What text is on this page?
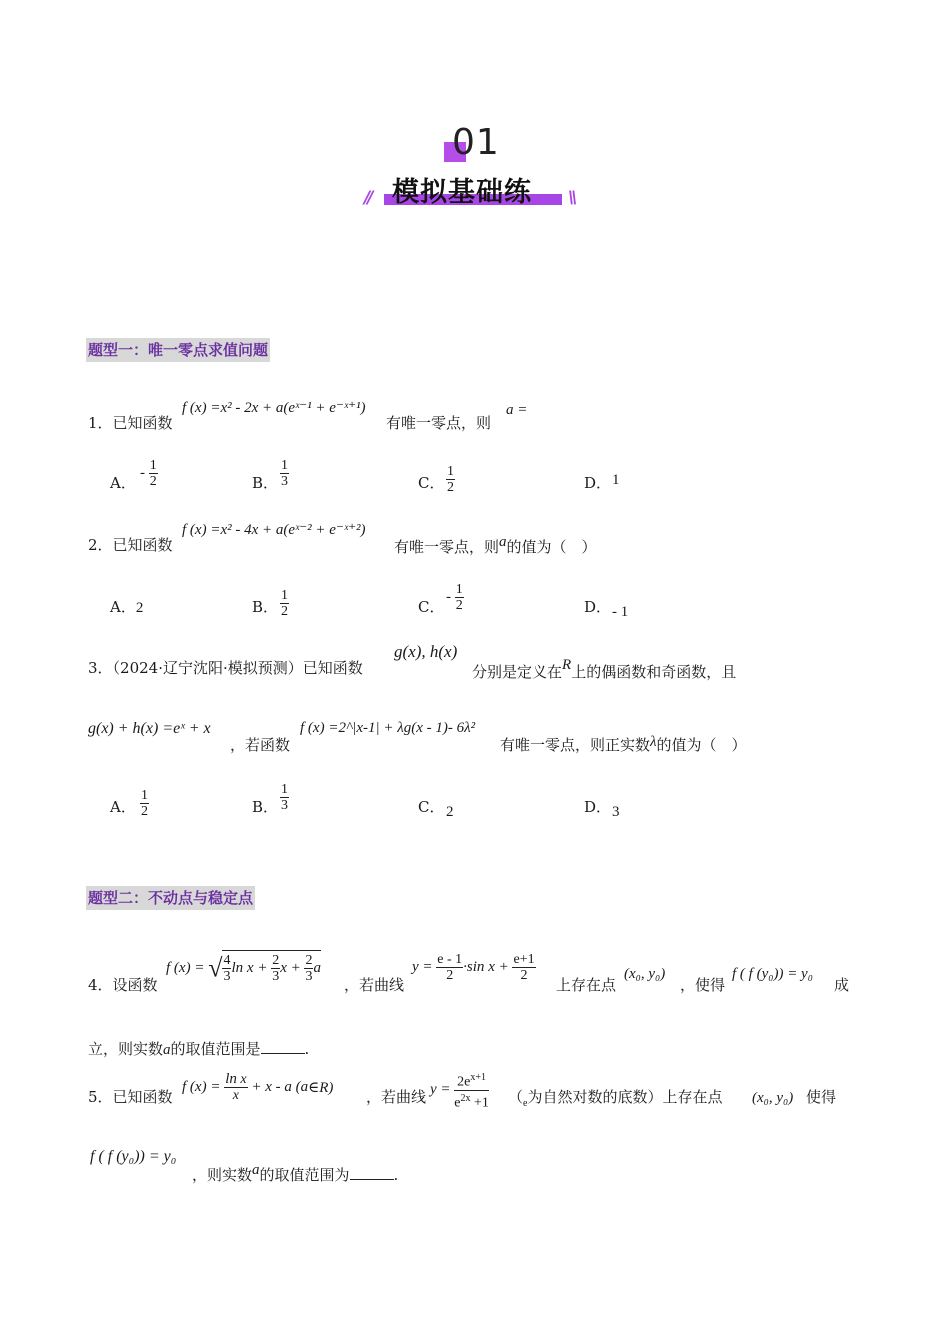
01
// 模拟基础练 \\
题型一：唯一零点求值问题
1．已知函数
f (x) =x² - 2x + a(eˣ⁻¹ + e⁻ˣ⁺¹)
有唯一零点，则
a =
A．
- $\frac{1}{2}$	B． $\frac{1}{3}$	C． $\frac{1}{2}$	D． 1
2．已知函数
f (x) =x² - 4x + a(eˣ⁻² + e⁻ˣ⁺²)
有唯一零点，则a的值为（　）
A．2	B． $\frac{1}{2}$	C．
- $\frac{1}{2}$	D． - 1
3．（2024·辽宁沈阳·模拟预测）已知函数
g(x), h(x)
分别是定义在R上的偶函数和奇函数，且
g(x) + h(x) =eˣ + x
，若函数
f (x) =2^|x-1| + λg(x - 1)- 6λ²
有唯一零点，则正实数λ的值为（　）
A． $\frac{1}{2}$	B． $\frac{1}{3}$	C． 2	D． 3
题型二：不动点与稳定点
4．设函数
f (x) = √ $\frac{4}{3}$ $\ln x + \frac{2}{3}$ $x + \frac{2}{3}$ a
，若曲线
$y = \frac{e - 1}{2} \cdot\sin$ $x + \frac{e+1}{2}$
上存在点
(x₀, y₀)
，使得
f ( f (y₀)) = y₀
成
立，则实数a的取值范围是	.
5．已知函数
f $(x) = \frac{\text{ln x}}{x} + x - a$ (a∈R) ，若曲线 $y = \frac{2e^{x+1}}{e^{2x} +1} (_e$为自然对数的底数）上存在点 (x₀, y₀) 使得
f ( f (y₀)) = y₀
，则实数a的取值范围为	.
